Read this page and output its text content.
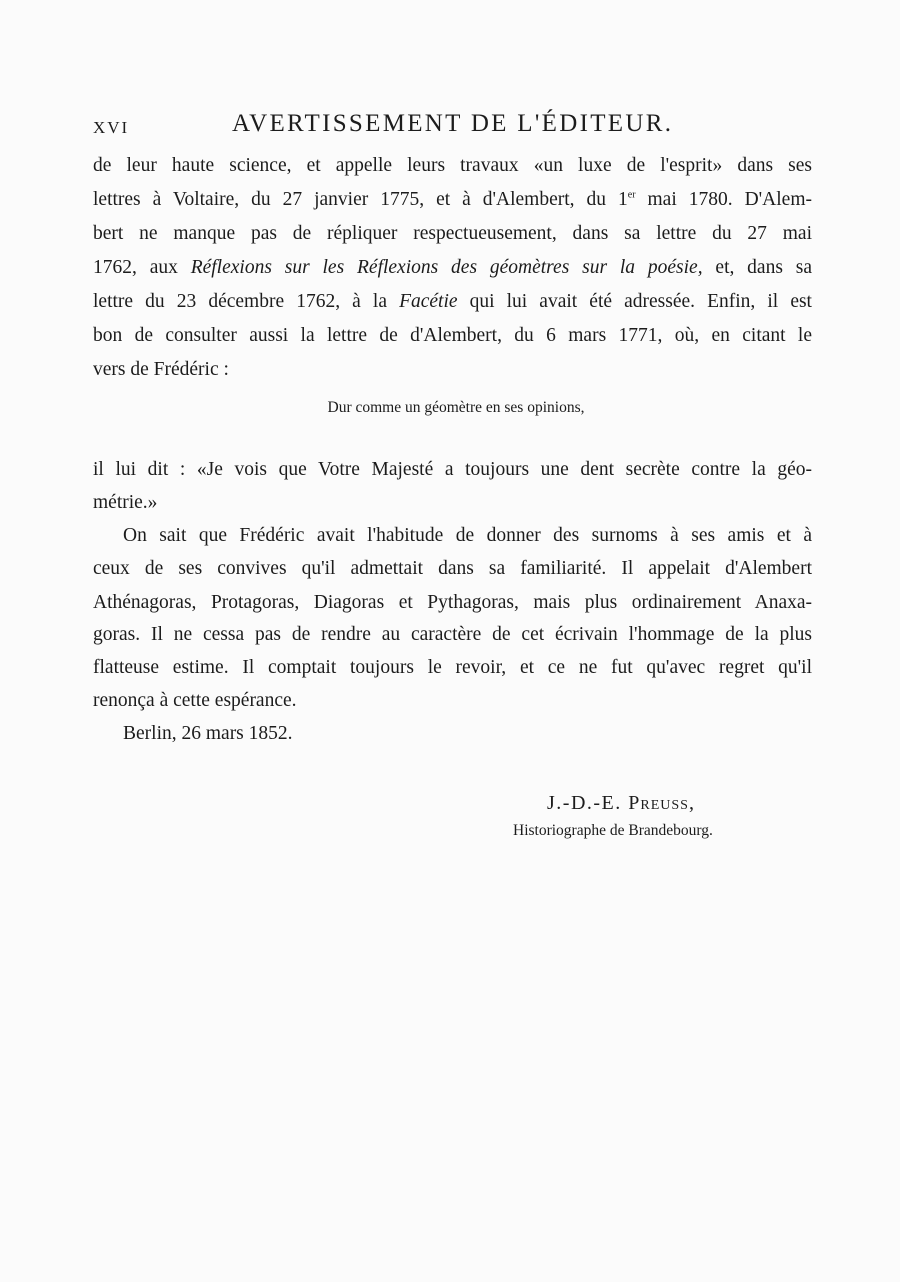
XVI	AVERTISSEMENT DE L'ÉDITEUR.
de leur haute science, et appelle leurs travaux «un luxe de l'esprit» dans ses
lettres à Voltaire, du 27 janvier 1775, et à d'Alembert, du 1er mai 1780. D'Alem-
bert ne manque pas de répliquer respectueusement, dans sa lettre du 27 mai
1762, aux Réflexions sur les Réflexions des géomètres sur la poésie, et, dans sa
lettre du 23 décembre 1762, à la Facétie qui lui avait été adressée. Enfin, il est
bon de consulter aussi la lettre de d'Alembert, du 6 mars 1771, où, en citant le
vers de Frédéric :
Dur comme un géomètre en ses opinions,
il lui dit : «Je vois que Votre Majesté a toujours une dent secrète contre la géo-
métrie.»
On sait que Frédéric avait l'habitude de donner des surnoms à ses amis et à
ceux de ses convives qu'il admettait dans sa familiarité. Il appelait d'Alembert
Athénagoras, Protagoras, Diagoras et Pythagoras, mais plus ordinairement Anaxa-
goras. Il ne cessa pas de rendre au caractère de cet écrivain l'hommage de la plus
flatteuse estime. Il comptait toujours le revoir, et ce ne fut qu'avec regret qu'il
renonça à cette espérance.
Berlin, 26 mars 1852.
J.-D.-E. Preuss,
Historiographe de Brandebourg.
